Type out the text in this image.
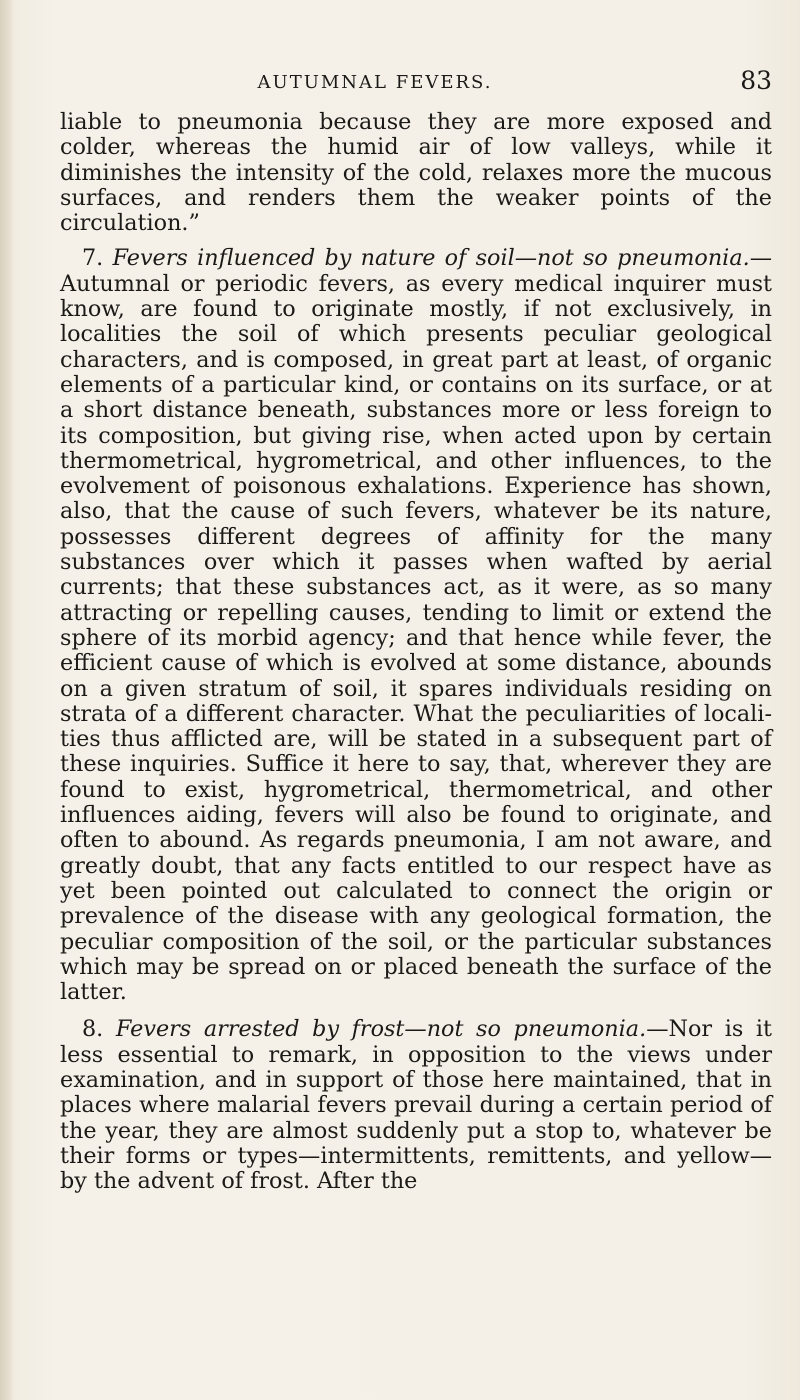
AUTUMNAL FEVERS.	83

liable to pneumonia because they are more exposed and colder, whereas the humid air of low valleys, while it diminishes the intensity of the cold, relaxes more the mucous surfaces, and renders them the weaker points of the circulation.”

7. Fevers influenced by nature of soil—not so pneumonia.—Autumnal or periodic fevers, as every medical inquirer must know, are found to originate mostly, if not exclusively, in localities the soil of which presents peculiar geological characters, and is composed, in great part at least, of organic elements of a particular kind, or contains on its surface, or at a short distance beneath, substances more or less foreign to its composition, but giving rise, when acted upon by certain thermometrical, hygrometrical, and other influences, to the evolvement of poisonous exhalations. Experience has shown, also, that the cause of such fevers, whatever be its nature, possesses different degrees of affinity for the many substances over which it passes when wafted by aerial currents; that these substances act, as it were, as so many attracting or repelling causes, tending to limit or extend the sphere of its morbid agency; and that hence while fever, the efficient cause of which is evolved at some distance, abounds on a given stratum of soil, it spares individuals residing on strata of a different character. What the peculiarities of localities thus afflicted are, will be stated in a subsequent part of these inquiries. Suffice it here to say, that, wherever they are found to exist, hygrometrical, thermometrical, and other influences aiding, fevers will also be found to originate, and often to abound. As regards pneumonia, I am not aware, and greatly doubt, that any facts entitled to our respect have as yet been pointed out calculated to connect the origin or prevalence of the disease with any geological formation, the peculiar composition of the soil, or the particular substances which may be spread on or placed beneath the surface of the latter.

8. Fevers arrested by frost—not so pneumonia.—Nor is it less essential to remark, in opposition to the views under examination, and in support of those here maintained, that in places where malarial fevers prevail during a certain period of the year, they are almost suddenly put a stop to, whatever be their forms or types—intermittents, remittents, and yellow—by the advent of frost. After the
